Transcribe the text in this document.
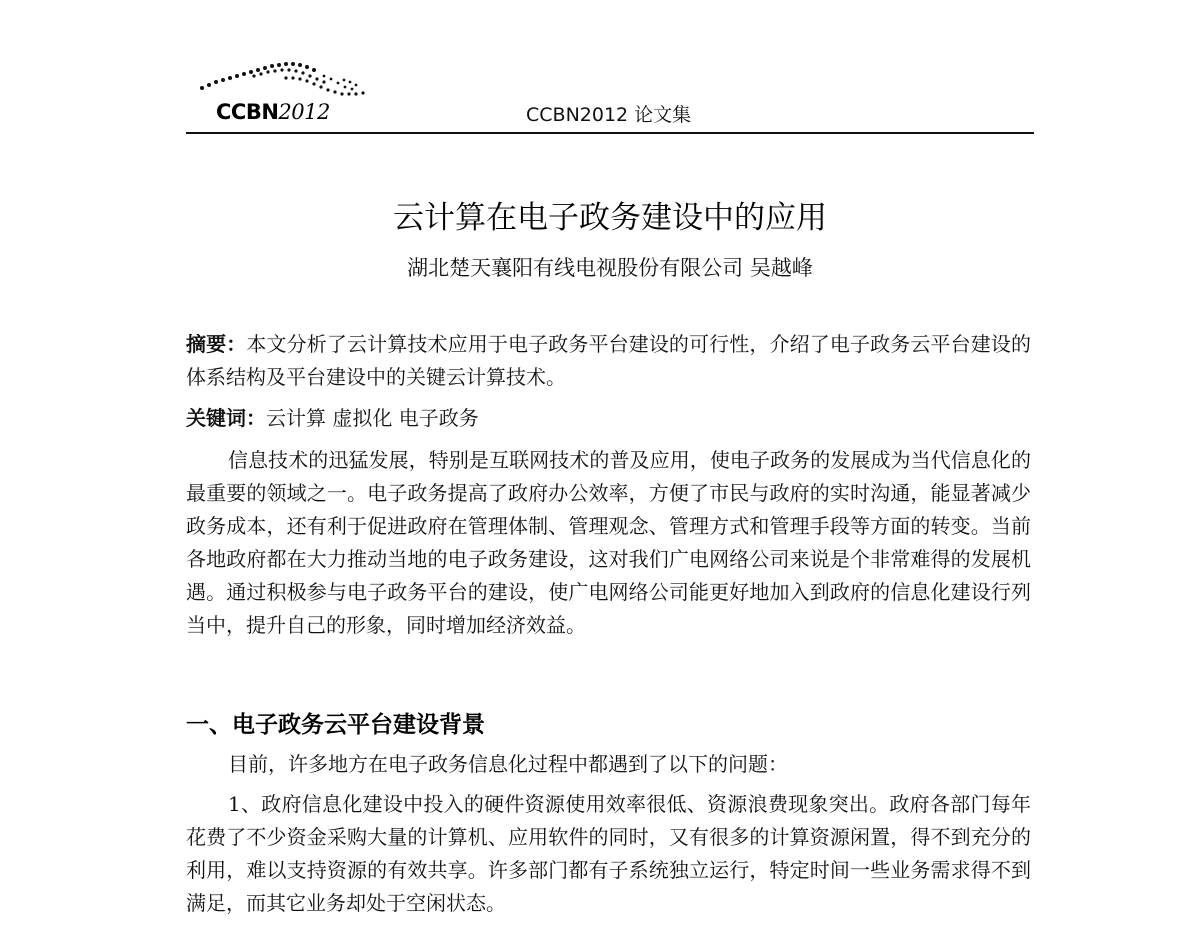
CCBN2012	CCBN2012 论文集
云计算在电子政务建设中的应用
湖北楚天襄阳有线电视股份有限公司 吴越峰

摘要：本文分析了云计算技术应用于电子政务平台建设的可行性，介绍了电子政务云平台建设的体系结构及平台建设中的关键云计算技术。

关键词：云计算 虚拟化 电子政务

信息技术的迅猛发展，特别是互联网技术的普及应用，使电子政务的发展成为当代信息化的最重要的领域之一。电子政务提高了政府办公效率，方便了市民与政府的实时沟通，能显著减少政务成本，还有利于促进政府在管理体制、管理观念、管理方式和管理手段等方面的转变。当前各地政府都在大力推动当地的电子政务建设，这对我们广电网络公司来说是个非常难得的发展机遇。通过积极参与电子政务平台的建设，使广电网络公司能更好地加入到政府的信息化建设行列当中，提升自己的形象，同时增加经济效益。

一、电子政务云平台建设背景

目前，许多地方在电子政务信息化过程中都遇到了以下的问题：

1、政府信息化建设中投入的硬件资源使用效率很低、资源浪费现象突出。政府各部门每年花费了不少资金采购大量的计算机、应用软件的同时，又有很多的计算资源闲置，得不到充分的利用，难以支持资源的有效共享。许多部门都有子系统独立运行，特定时间一些业务需求得不到满足，而其它业务却处于空闲状态。
